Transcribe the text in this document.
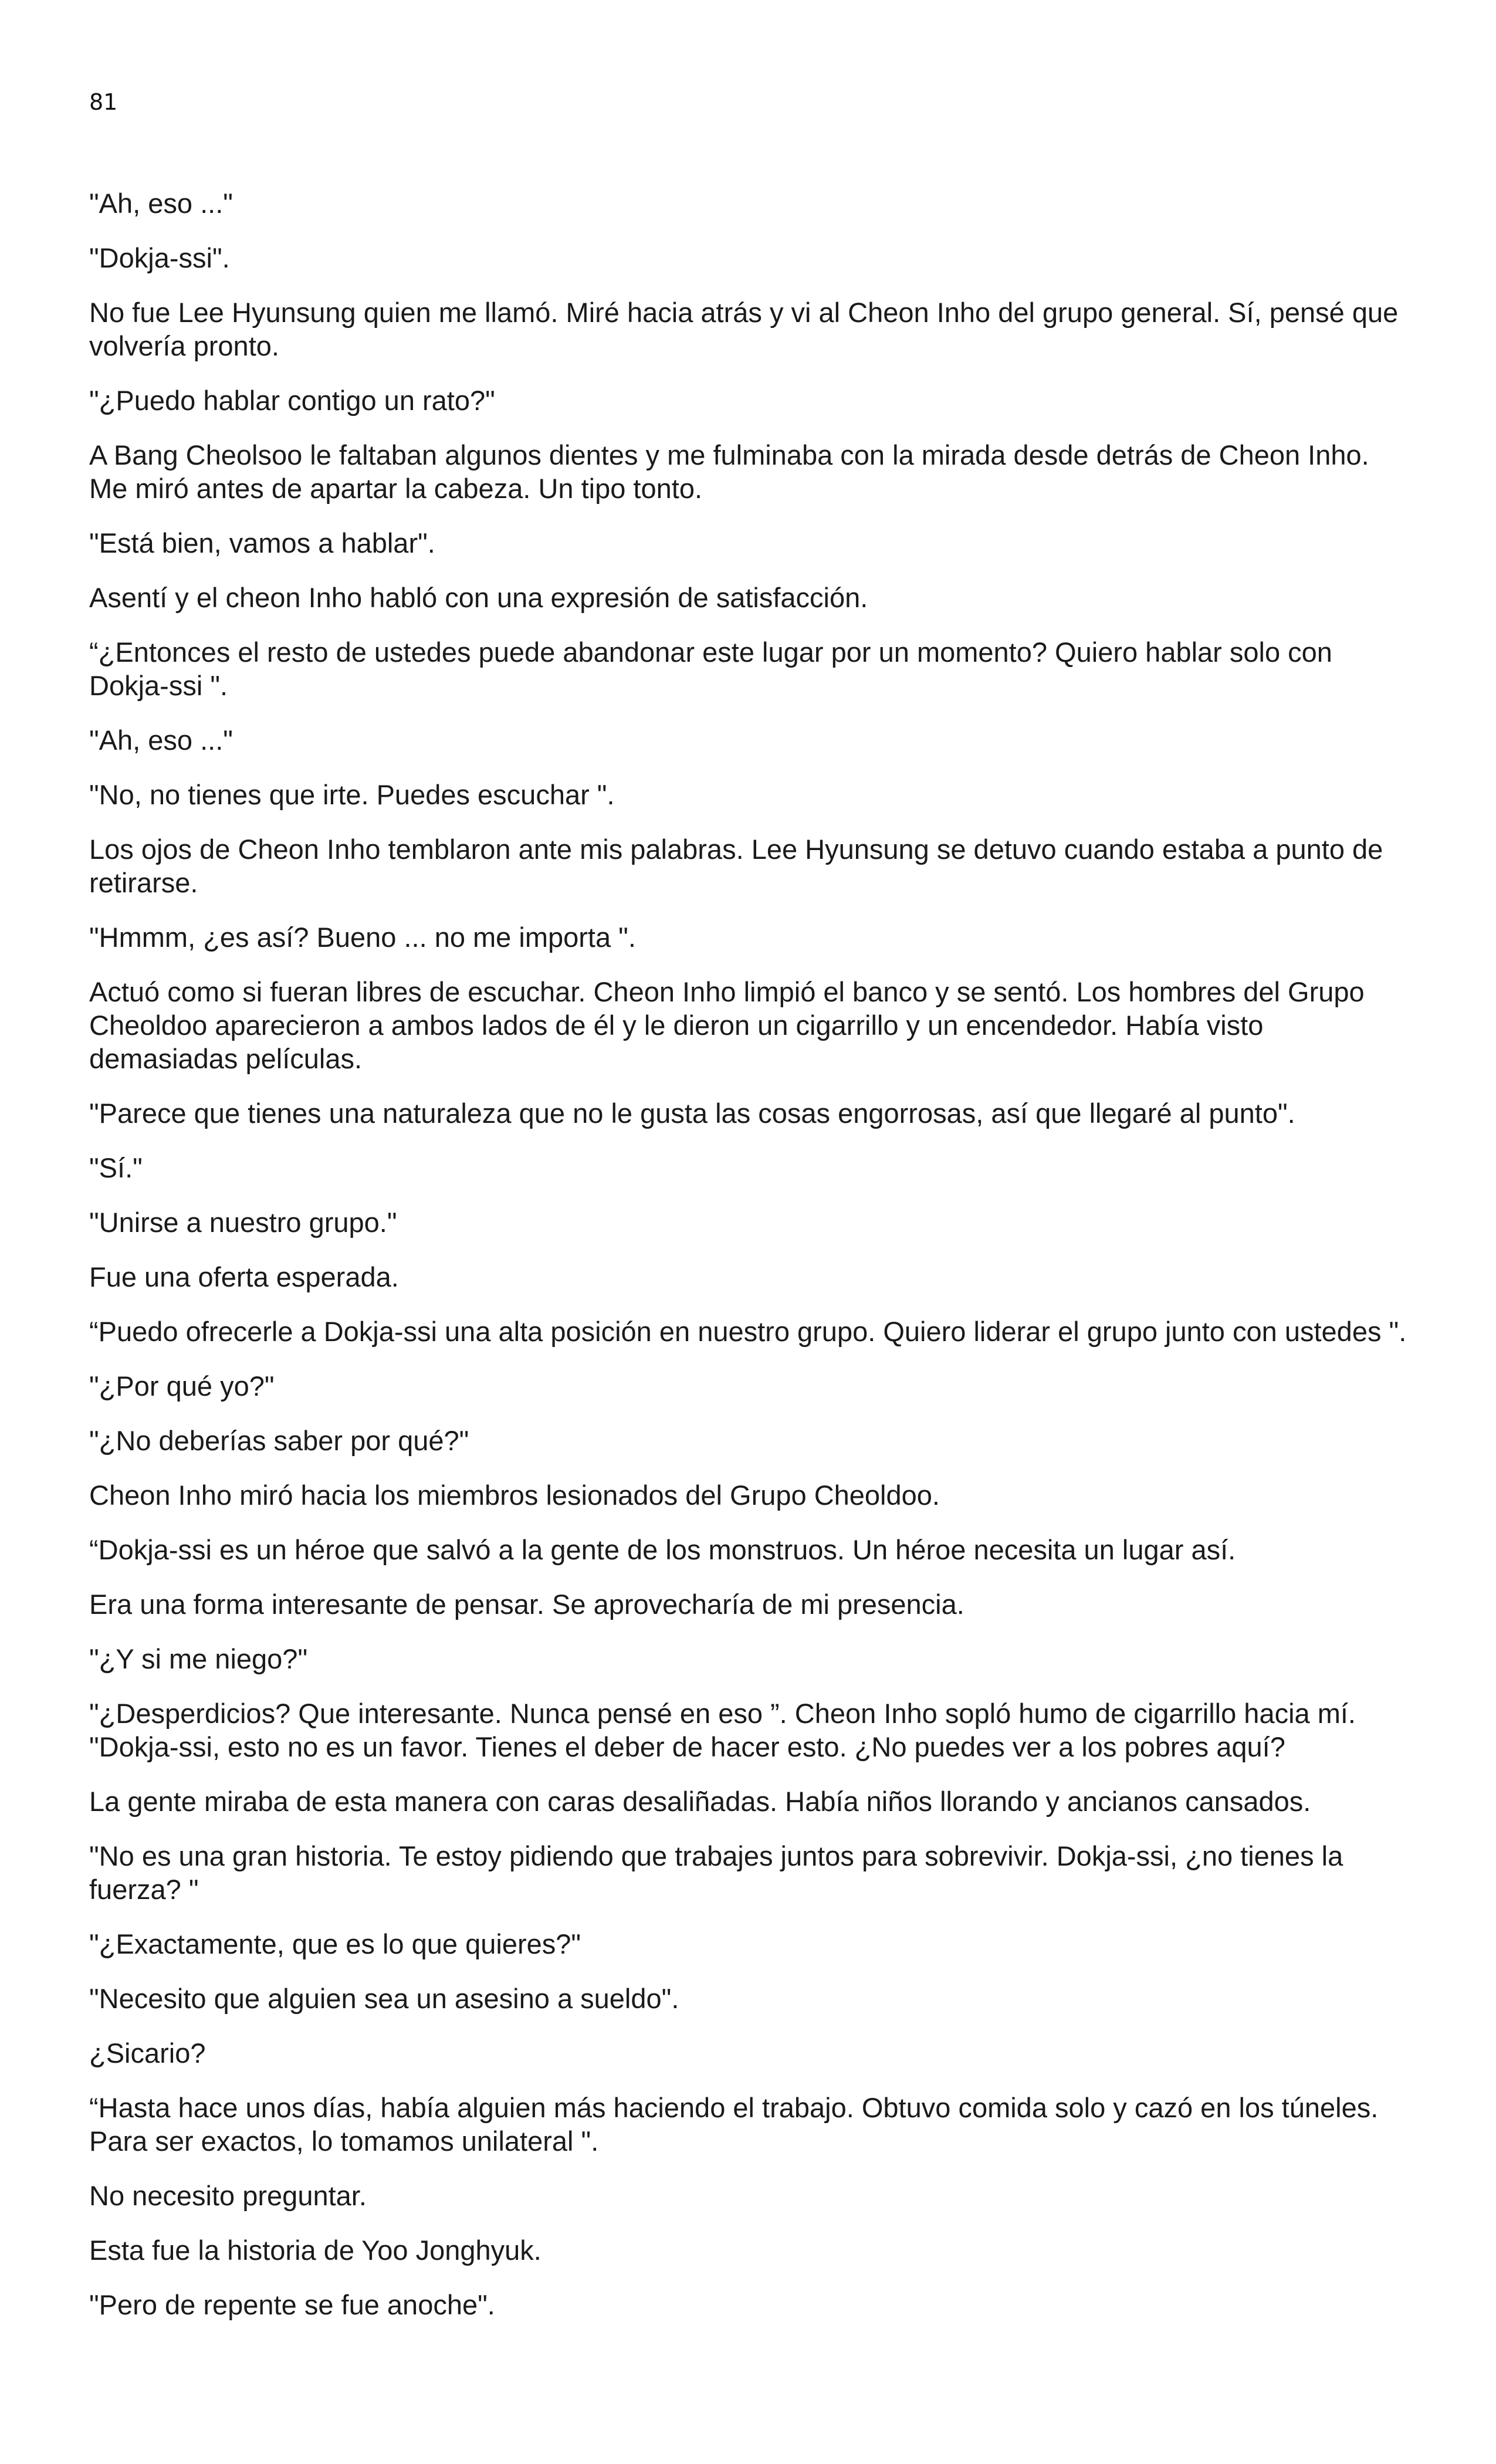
81

"Ah, eso ..."

"Dokja-ssi".

No fue Lee Hyunsung quien me llamó. Miré hacia atrás y vi al Cheon Inho del grupo general. Sí, pensé que volvería pronto.

"¿Puedo hablar contigo un rato?"

A Bang Cheolsoo le faltaban algunos dientes y me fulminaba con la mirada desde detrás de Cheon Inho. Me miró antes de apartar la cabeza. Un tipo tonto.

"Está bien, vamos a hablar".

Asentí y el cheon Inho habló con una expresión de satisfacción.

“¿Entonces el resto de ustedes puede abandonar este lugar por un momento? Quiero hablar solo con Dokja-ssi ".

"Ah, eso ..."

"No, no tienes que irte. Puedes escuchar ".

Los ojos de Cheon Inho temblaron ante mis palabras. Lee Hyunsung se detuvo cuando estaba a punto de retirarse.

"Hmmm, ¿es así? Bueno ... no me importa ".

Actuó como si fueran libres de escuchar. Cheon Inho limpió el banco y se sentó. Los hombres del Grupo Cheoldoo aparecieron a ambos lados de él y le dieron un cigarrillo y un encendedor. Había visto demasiadas películas.

"Parece que tienes una naturaleza que no le gusta las cosas engorrosas, así que llegaré al punto".

"Sí."

"Unirse a nuestro grupo."

Fue una oferta esperada.

“Puedo ofrecerle a Dokja-ssi una alta posición en nuestro grupo. Quiero liderar el grupo junto con ustedes ".

"¿Por qué yo?"

"¿No deberías saber por qué?"

Cheon Inho miró hacia los miembros lesionados del Grupo Cheoldoo.

“Dokja-ssi es un héroe que salvó a la gente de los monstruos. Un héroe necesita un lugar así.

Era una forma interesante de pensar. Se aprovecharía de mi presencia.

"¿Y si me niego?"

"¿Desperdicios? Que interesante. Nunca pensé en eso ”. Cheon Inho sopló humo de cigarrillo hacia mí. "Dokja-ssi, esto no es un favor. Tienes el deber de hacer esto. ¿No puedes ver a los pobres aquí?

La gente miraba de esta manera con caras desaliñadas. Había niños llorando y ancianos cansados.

"No es una gran historia. Te estoy pidiendo que trabajes juntos para sobrevivir. Dokja-ssi, ¿no tienes la fuerza? "

"¿Exactamente, que es lo que quieres?"

"Necesito que alguien sea un asesino a sueldo".

¿Sicario?

“Hasta hace unos días, había alguien más haciendo el trabajo. Obtuvo comida solo y cazó en los túneles. Para ser exactos, lo tomamos unilateral ".

No necesito preguntar.

Esta fue la historia de Yoo Jonghyuk.

"Pero de repente se fue anoche".
